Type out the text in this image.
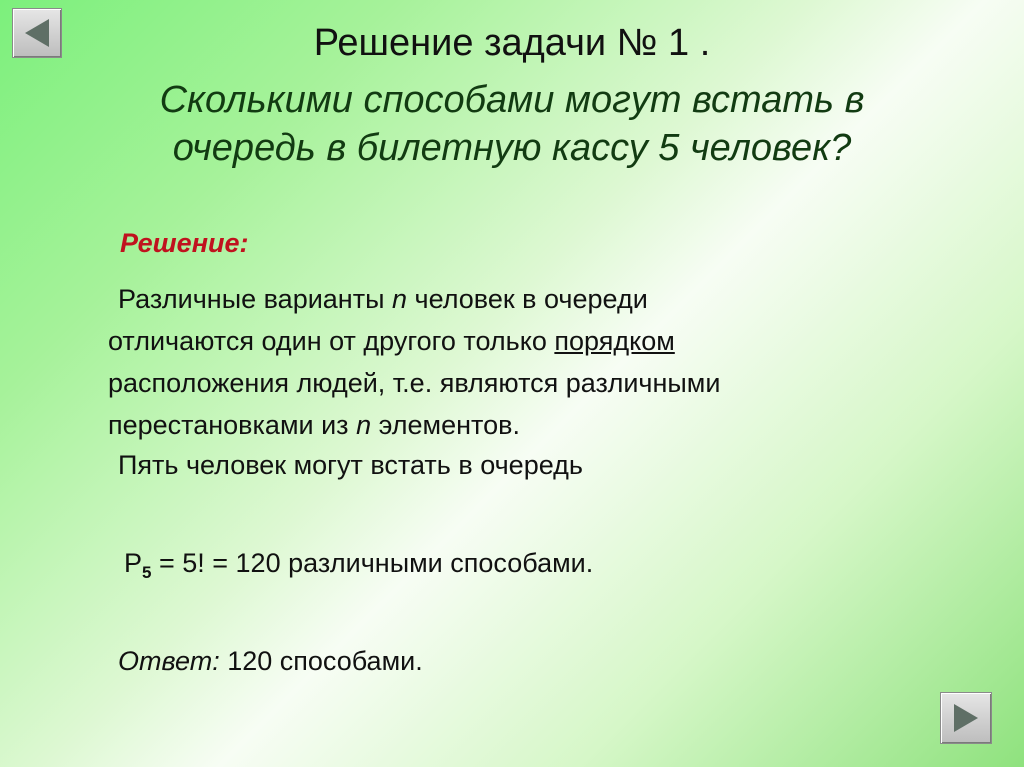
Решение задачи № 1 .
Сколькими способами могут встать в
очередь в билетную кассу 5 человек?
Решение:
Различные варианты n человек в очереди
отличаются один от другого только порядком
расположения людей, т.е. являются различными
перестановками из n элементов.
Пять человек могут встать в очередь
$P_5 = 5$! = 120 различными способами.
Ответ: 120 способами.
